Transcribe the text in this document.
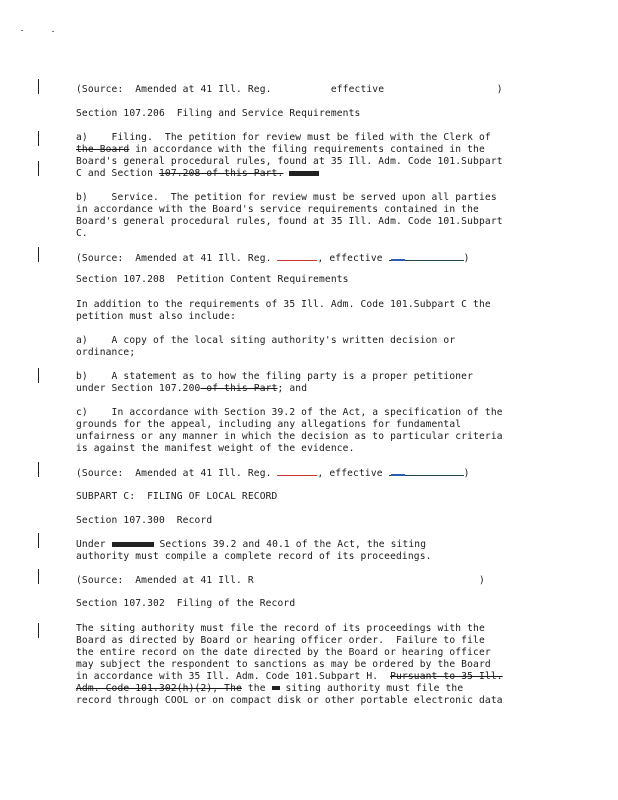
(Source:  Amended at 41 Ill. Reg.          effective                   )
Section 107.206  Filing and Service Requirements
a)    Filing.  The petition for review must be filed with the Clerk of
the Board in accordance with the filing requirements contained in the
Board's general procedural rules, found at 35 Ill. Adm. Code 101.Subpart
C and Section 107.208 of this Part.
b)    Service.  The petition for review must be served upon all parties
in accordance with the Board's service requirements contained in the
Board's general procedural rules, found at 35 Ill. Adm. Code 101.Subpart
C.
(Source:  Amended at 41 Ill. Reg.	, effective	)
Section 107.208  Petition Content Requirements
In addition to the requirements of 35 Ill. Adm. Code 101.Subpart C the
petition must also include:
a)    A copy of the local siting authority's written decision or
ordinance;
b)    A statement as to how the filing party is a proper petitioner
under Section 107.200 of this Part; and
c)    In accordance with Section 39.2 of the Act, a specification of the
grounds for the appeal, including any allegations for fundamental
unfairness or any manner in which the decision as to particular criteria
is against the manifest weight of the evidence.
(Source:  Amended at 41 Ill. Reg.	, effective	)
SUBPART C:  FILING OF LOCAL RECORD
Section 107.300  Record
Under	Sections 39.2 and 40.1 of the Act, the siting
authority must compile a complete record of its proceedings.
(Source:  Amended at 41 Ill. R                                      )
Section 107.302  Filing of the Record
The siting authority must file the record of its proceedings with the
Board as directed by Board or hearing officer order.  Failure to file
the entire record on the date directed by the Board or hearing officer
may subject the respondent to sanctions as may be ordered by the Board
in accordance with 35 Ill. Adm. Code 101.Subpart H.  Pursuant to 35 Ill.
Adm. Code 101.302(h)(2), The the  siting authority must file the
record through COOL or on compact disk or other portable electronic data
